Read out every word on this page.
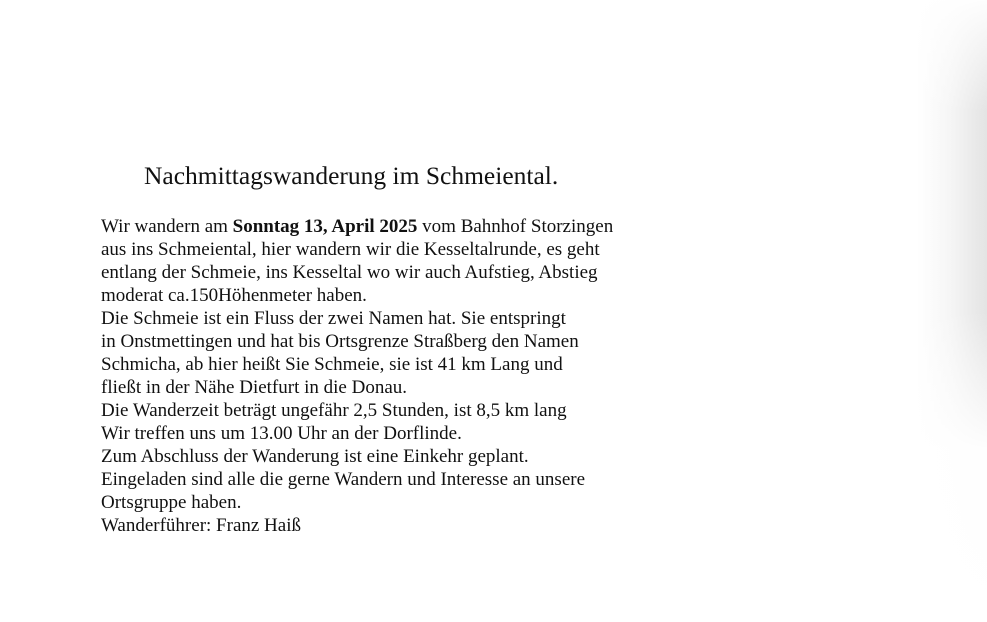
Nachmittagswanderung im Schmeiental.
Wir wandern am Sonntag 13, April 2025 vom Bahnhof Storzingen
aus ins Schmeiental, hier wandern wir die Kesseltalrunde, es geht
entlang der Schmeie, ins Kesseltal wo wir auch Aufstieg, Abstieg
moderat ca.150Höhenmeter haben.
Die Schmeie ist ein Fluss der zwei Namen hat. Sie entspringt
in Onstmettingen und hat bis Ortsgrenze Straßberg den Namen
Schmicha, ab hier heißt Sie Schmeie, sie ist 41 km Lang und
fließt in der Nähe Dietfurt in die Donau.
Die Wanderzeit beträgt ungefähr 2,5 Stunden, ist 8,5 km lang
Wir treffen uns um 13.00 Uhr an der Dorflinde.
Zum Abschluss der Wanderung ist eine Einkehr geplant.
Eingeladen sind alle die gerne Wandern und Interesse an unsere
Ortsgruppe haben.
Wanderführer: Franz Haiß
